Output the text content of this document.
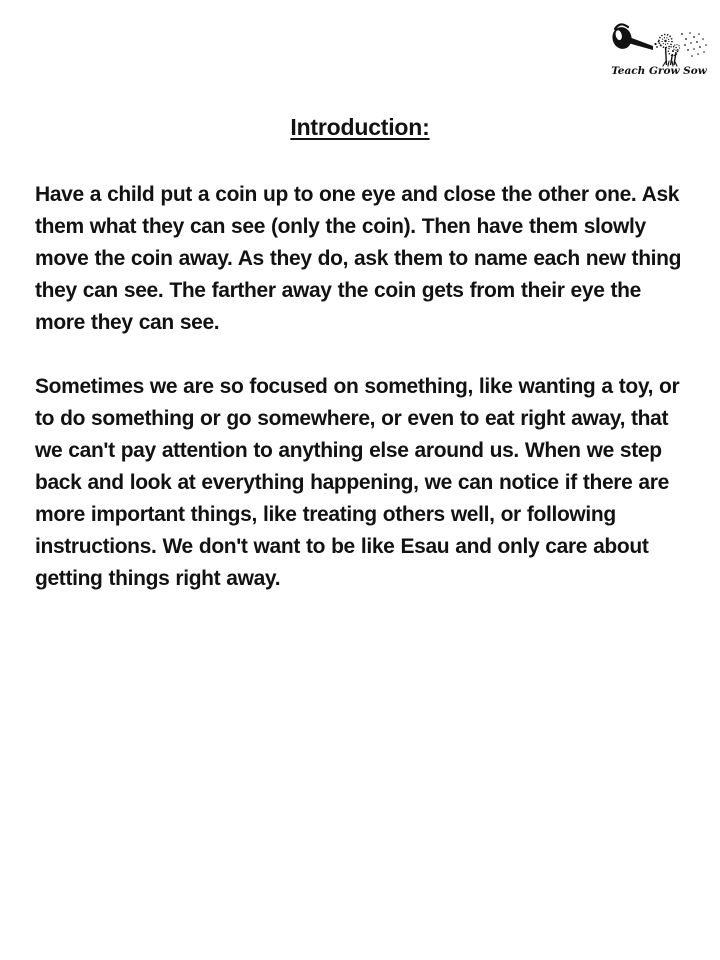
Teach Grow Sow
Introduction:

Have a child put a coin up to one eye and close the other one. Ask them what they can see (only the coin). Then have them slowly move the coin away. As they do, ask them to name each new thing they can see. The farther away the coin gets from their eye the more they can see.

Sometimes we are so focused on something, like wanting a toy, or to do something or go somewhere, or even to eat right away, that we can't pay attention to anything else around us. When we step back and look at everything happening, we can notice if there are more important things, like treating others well, or following instructions. We don't want to be like Esau and only care about getting things right away.
